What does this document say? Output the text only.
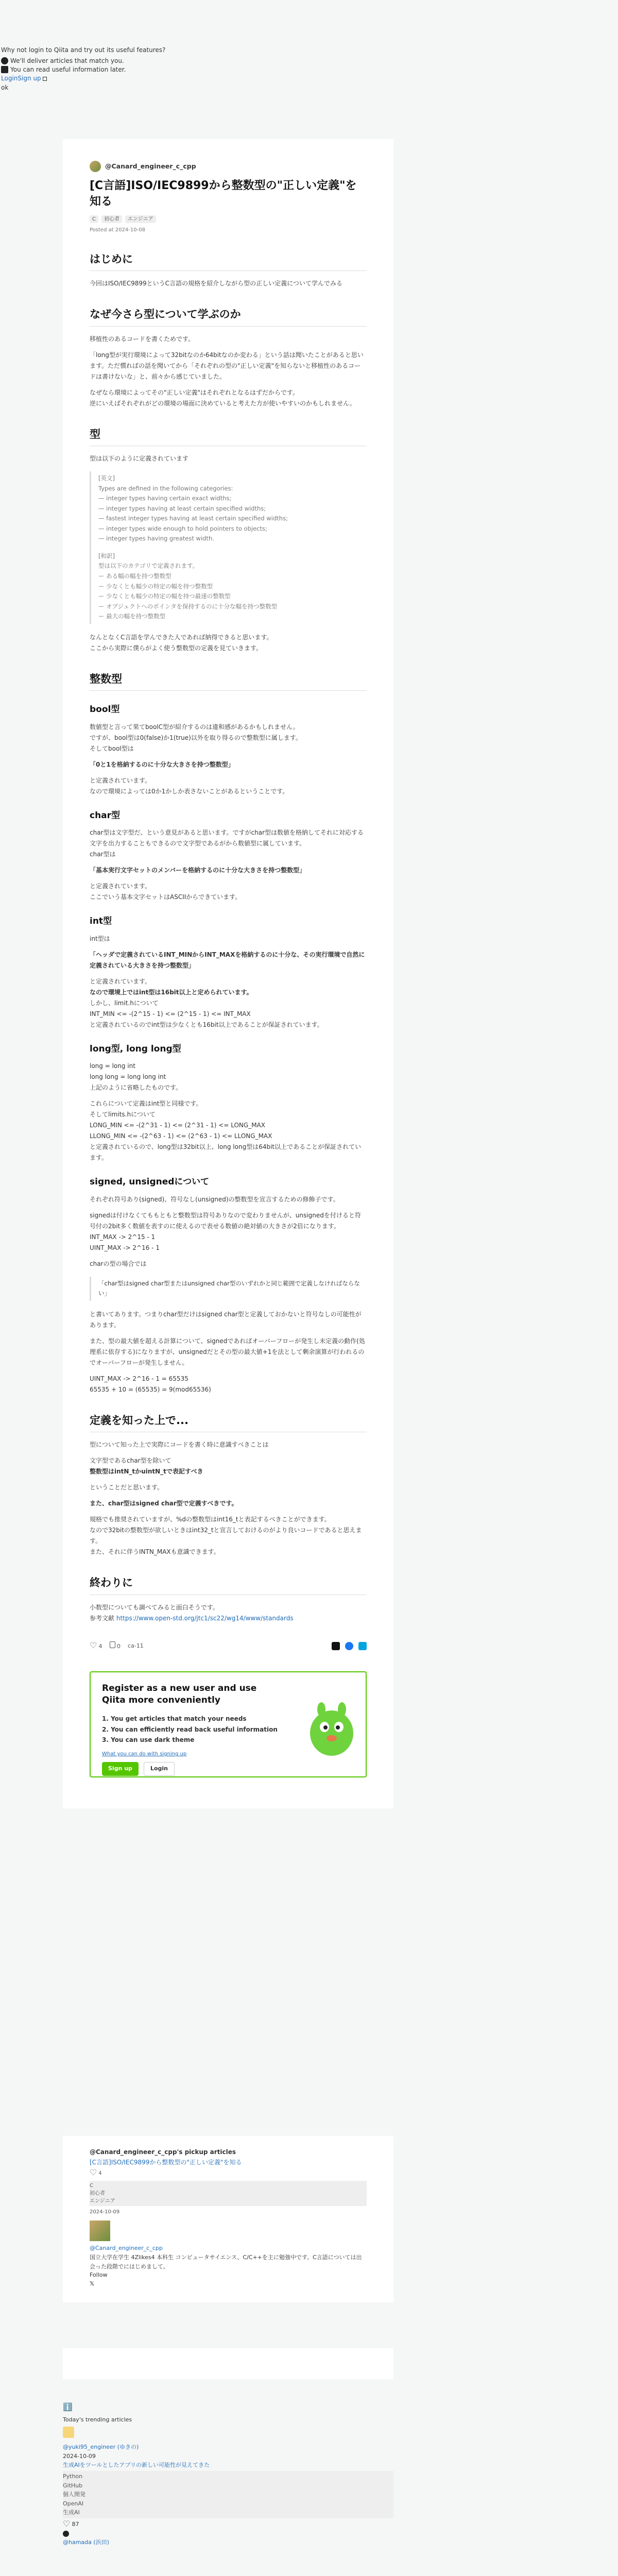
Why not login to Qiita and try out its useful features?
We'll deliver articles that match you.
You can read useful information later.
LoginSign up
ok
@Canard_engineer_c_cpp
[C言語]ISO/IEC9899から整数型の"正しい定義"を知る
C	初心者	エンジニア
Posted at 2024-10-08
はじめに

今回はISO/IEC9899というC言語の規格を紹介しながら型の正しい定義について学んでみる

なぜ今さら型について学ぶのか

移植性のあるコードを書くためです。

「long型が実行環境によって32bitなのか64bitなのか変わる」という話は聞いたことがあると思います。ただ慣ればの話を聞いてから「それぞれの型の"正しい定義"を知らないと移植性のあるコードは書けないな」と、前々から感じていました。

なぜなら環境によってその"正しい定義"はそれぞれとなるはずだからです。

逆にいえばそれぞれがどの環境の場面に決めていると考えた方が使いやすいのかもしれません。

型

型は以下のように定義されています

[英文]
Types are defined in the following categories:
— integer types having certain exact widths;
— integer types having at least certain specified widths;
— fastest integer types having at least certain specified widths;
— integer types wide enough to hold pointers to objects;
— integer types having greatest width.
[和訳]
型は以下のカテゴリで定義されます。
ー ある幅の幅を持つ整数型
ー 少なくとも幅少の特定の幅を持つ整数型
ー 少なくとも幅少の特定の幅を持つ最速の整数型
ー オブジェクトへのポインタを保持するのに十分な幅を持つ整数型
ー 最大の幅を持つ整数型

なんとなくC言語を学んできた人であれば納得できると思います。

ここから実際に僕らがよく使う整数型の定義を見ていきます。

整数型
bool型

数値型と言って果てboolC型が紹介するのは違和感があるかもしれません。

ですが、bool型は0(false)か1(true)以外を取り得るので整数型に属します。

そしてbool型は

「0と1を格納するのに十分な大きさを持つ整数型」

と定義されています。

なので環境によっては0か1かしか表さないことがあるということです。

char型

char型は文字型だ、という意見があると思います。ですがchar型は数値を格納してそれに対応する文字を出力することもできるので文字型であるがから数値型に属しています。

char型は

「基本実行文字セットのメンバーを格納するのに十分な大きさを持つ整数型」

と定義されています。

ここでいう基本文字セットはASCIIからできています。

int型

int型は

「ヘッダで定義されているINT_MINからINT_MAXを格納するのに十分な、その実行環境で自然に定義されている大きさを持つ整数型」

と定義されています。

なので環境上ではint型は16bit以上と定められています。

しかし、limit.hについて

INT_MIN <= -(2^15 - 1) <= (2^15 - 1) <= INT_MAX

と定義されているのでint型は少なくとも16bit以上であることが保証されています。

long型, long long型

long = long int

long long = long long int

上記のように省略したものです。

これらについて定義はint型と同様です。

そしてlimits.hについて

LONG_MIN <= -(2^31 - 1) <= (2^31 - 1) <= LONG_MAX

LLONG_MIN <= -(2^63 - 1) <= (2^63 - 1) <= LLONG_MAX

と定義されているので、long型は32bit以上、long long型は64bit以上であることが保証されています。

signed, unsignedについて

それぞれ符号あり(signed)、符号なし(unsigned)の整数型を宣言するための修飾子です。

signedは付けなくてももともと整数型は符号ありなので変わりませんが、unsignedを付けると符号付の2bit多く数値を表すのに使えるので表せる数値の絶対値の大きさが2倍になります。

INT_MAX -> 2^15 - 1

UINT_MAX -> 2^16 - 1

charの型の場合では

「char型はsigned char型またはunsigned char型のいずれかと同じ範囲で定義しなければならない」

と書いてあります。つまりchar型だけはsigned char型と定義しておかないと符号なしの可能性があります。

また、型の最大値を超える計算について、signedであればオーバーフローが発生し未定義の動作(処理系に依存する)になりますが、unsignedだとその型の最大値+1を法として剰余演算が行われるのでオーバーフローが発生しません。

UINT_MAX -> 2^16 - 1 = 65535

65535 + 10 = (65535) = 9(mod65536)

定義を知った上で...

型について知った上で実際にコードを書く時に意識すべきことは

文字型であるchar型を除いて

整数型はintN_tかuintN_tで表記すべき

ということだと思います。

また、char型はsigned char型で定義すべきです。

規格でも推奨されていますが、%dの整数型はint16_tと表記するべきことができます。

なので32bitの整数型が欲しいときはint32_tと宣言しておけるのがより良いコードであると思えます。

また、それに伴うINTN_MAXも意識できます。

終わりに

小数型についても調べてみると面白そうです。

参考文献 https://www.open-std.org/jtc1/sc22/wg14/www/standards

♡ 4	0 ca-11
Register as a new user and use Qiita more conveniently
1. You get articles that match your needs
2. You can efficiently read back useful information
3. You can use dark theme
What you can do with signing up
Sign up	Login
@Canard_engineer_c_cpp's pickup articles
[C言語]ISO/IEC9899から整数型の"正しい定義"を知る
♡ 4
C
初心者
エンジニア
2024-10-09
@Canard_engineer_c_cpp
国立大学在学生 4Zlikes4 本科生 コンピュータサイエンス、C/C++を主に勉強中です。C言語については出会った段階でにはじめまして。
Follow
𝕏
ℹ️
Today's trending articles
@yuki95_engineer (ゆきの)
2024-10-09
生成AIをツールとしたアプリの新しい可能性が見えてきた
Python
GitHub
個人開発
OpenAI
生成AI
♡ 87
@hamada (浜田)
